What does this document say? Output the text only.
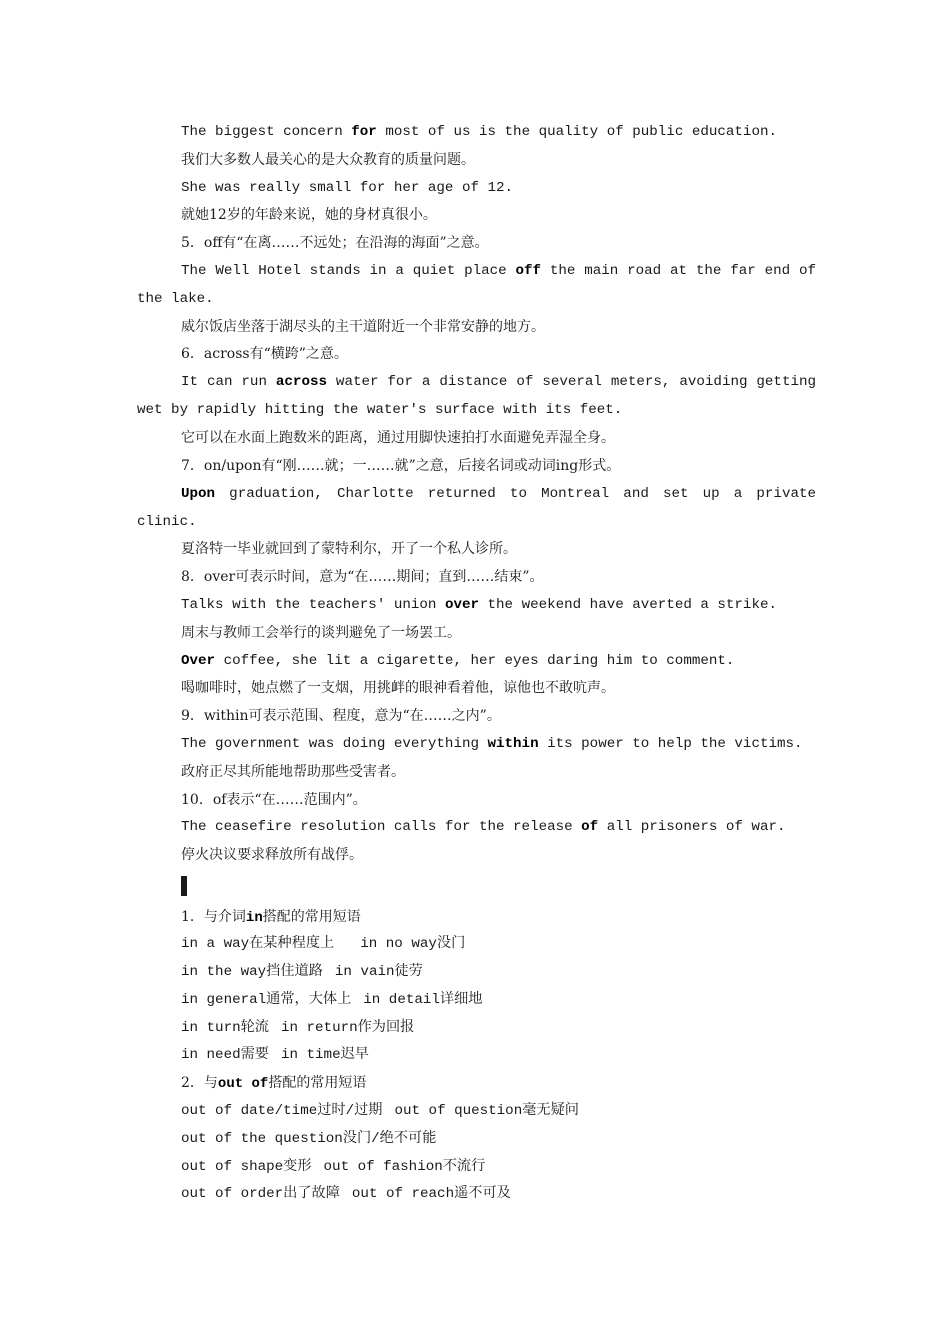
The biggest concern for most of us is the quality of public education.
我们大多数人最关心的是大众教育的质量问题。
She was really small for her age of 12.
就她12岁的年龄来说，她的身材真很小。
5．off有“在离……不远处；在沿海的海面”之意。
The Well Hotel stands in a quiet place off the main road at the far end of
the lake.
威尔饭店坐落于湖尽头的主干道附近一个非常安静的地方。
6．across有“横跨”之意。
It can run across water for a distance of several meters, avoiding getting
wet by rapidly hitting the water's surface with its feet.
它可以在水面上跑数米的距离，通过用脚快速拍打水面避免弄湿全身。
7．on/upon有“刚……就；一……就”之意，后接名词或动词ing形式。
Upon graduation, Charlotte returned to Montreal and set up a private
clinic.
夏洛特一毕业就回到了蒙特利尔，开了一个私人诊所。
8．over可表示时间，意为“在……期间；直到……结束”。
Talks with the teachers' union over the weekend have averted a strike.
周末与教师工会举行的谈判避免了一场罢工。
Over coffee, she lit a cigarette, her eyes daring him to comment.
喝咖啡时，她点燃了一支烟，用挑衅的眼神看着他，谅他也不敢吭声。
9．within可表示范围、程度，意为“在……之内”。
The government was doing everything within its power to help the victims.
政府正尽其所能地帮助那些受害者。
10．of表示“在……范围内”。
The ceasefire resolution calls for the release of all prisoners of war.
停火决议要求释放所有战俘。
1．与介词in搭配的常用短语
in a way在某种程度上 in no way没门
in the way挡住道路 in vain徒劳
in general通常，大体上 in detail详细地
in turn轮流 in return作为回报
in need需要 in time迟早
2．与out of搭配的常用短语
out of date/time过时/过期 out of question毫无疑问
out of the question没门/绝不可能
out of shape变形 out of fashion不流行
out of order出了故障 out of reach遥不可及
